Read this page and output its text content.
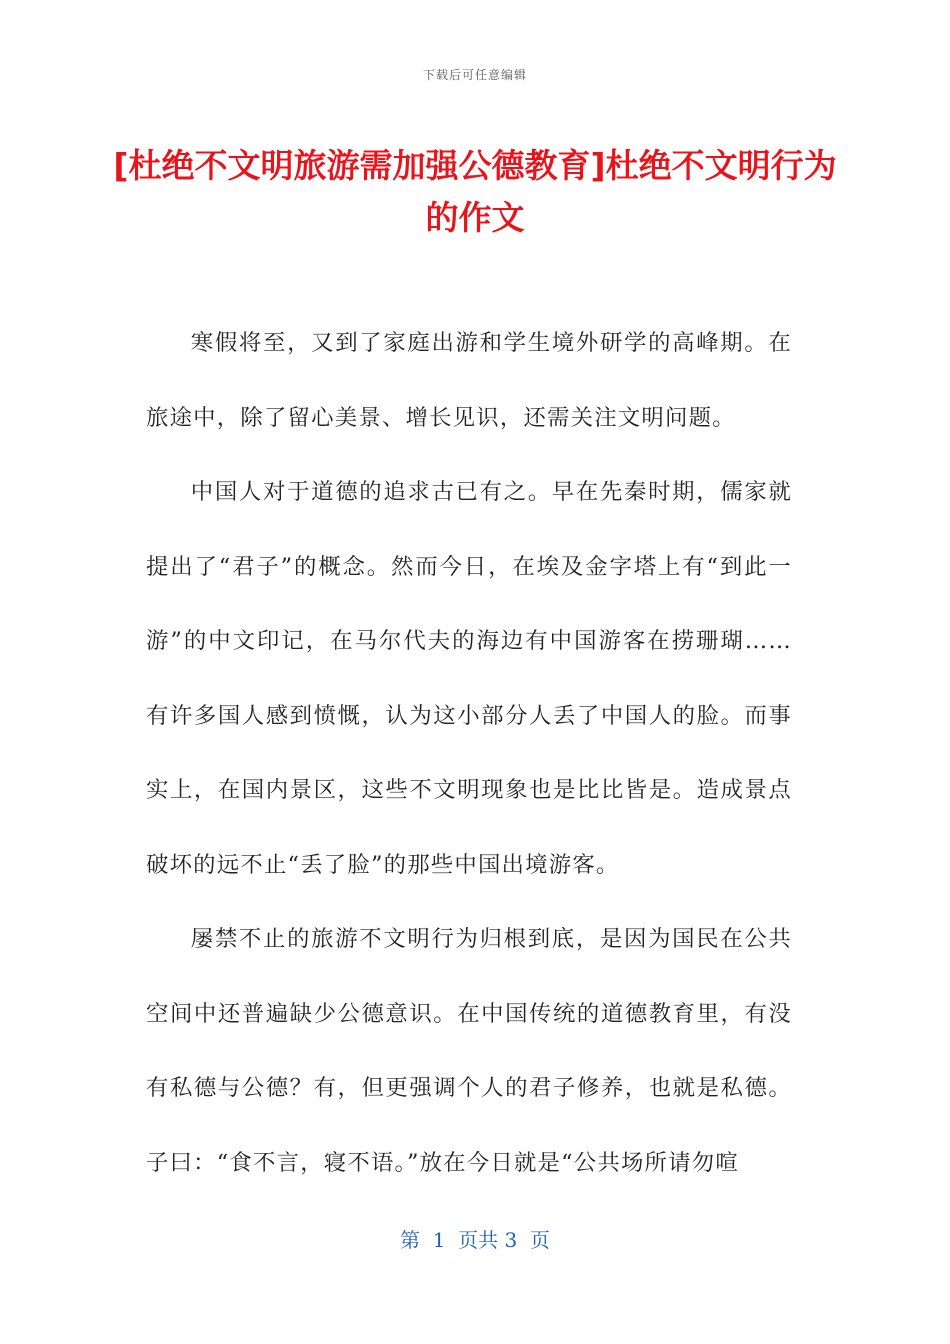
下载后可任意编辑
[杜绝不文明旅游需加强公德教育]杜绝不文明行为的作文

寒假将至，又到了家庭出游和学生境外研学的高峰期。在旅途中，除了留心美景、增长见识，还需关注文明问题。

中国人对于道德的追求古已有之。早在先秦时期，儒家就提出了“君子”的概念。然而今日，在埃及金字塔上有“到此一游”的中文印记，在马尔代夫的海边有中国游客在捞珊瑚……有许多国人感到愤慨，认为这小部分人丢了中国人的脸。而事实上，在国内景区，这些不文明现象也是比比皆是。造成景点破坏的远不止“丢了脸”的那些中国出境游客。

屡禁不止的旅游不文明行为归根到底，是因为国民在公共空间中还普遍缺少公德意识。在中国传统的道德教育里，有没有私德与公德？有，但更强调个人的君子修养，也就是私德。子曰：“食不言，寝不语。”放在今日就是“公共场所请勿喧

第  1  页共 3  页
